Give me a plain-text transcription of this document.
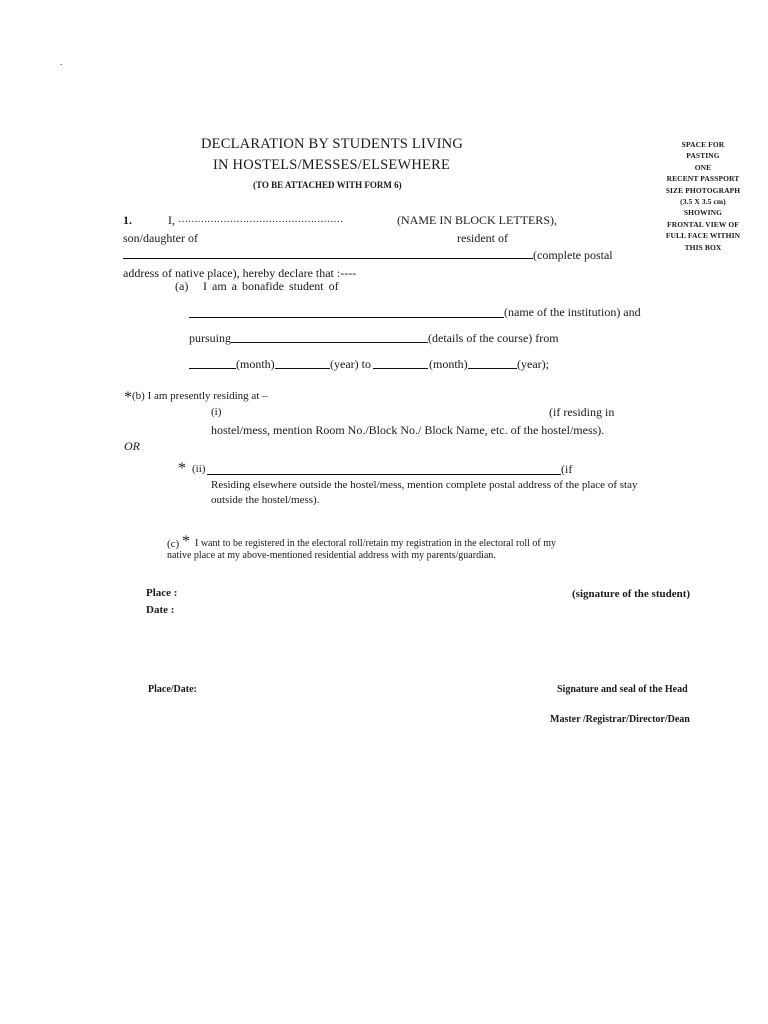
.
DECLARATION BY STUDENTS LIVING
IN HOSTELS/MESSES/ELSEWHERE
(TO BE ATTACHED WITH FORM 6)
SPACE FOR
PASTING
ONE
RECENT PASSPORT
SIZE PHOTOGRAPH
(3.5 X 3.5 cm)
SHOWING
FRONTAL VIEW OF
FULL FACE WITHIN
THIS BOX
1.	I, ……………………………………………	(NAME IN BLOCK LETTERS),
son/daughter of	resident of
(complete postal
address of native place), hereby declare that :----
(a) I am a bonafide student of
(name of the institution) and
pursuing	(details of the course) from
(month)	(year) to	(month)	(year);
* (b) I am presently residing at –
(i)	(if residing in
hostel/mess, mention Room No./Block No./ Block Name, etc. of the hostel/mess).
OR
* (ii)	(if
Residing elsewhere outside the hostel/mess, mention complete postal address of the place of stay
outside the hostel/mess).
(c) * I want to be registered in the electoral roll/retain my registration in the electoral roll of my
native place at my above-mentioned residential address with my parents/guardian.
Place :
Date :
(signature of the student)
Place/Date:	Signature and seal of the Head
Master /Registrar/Director/Dean
